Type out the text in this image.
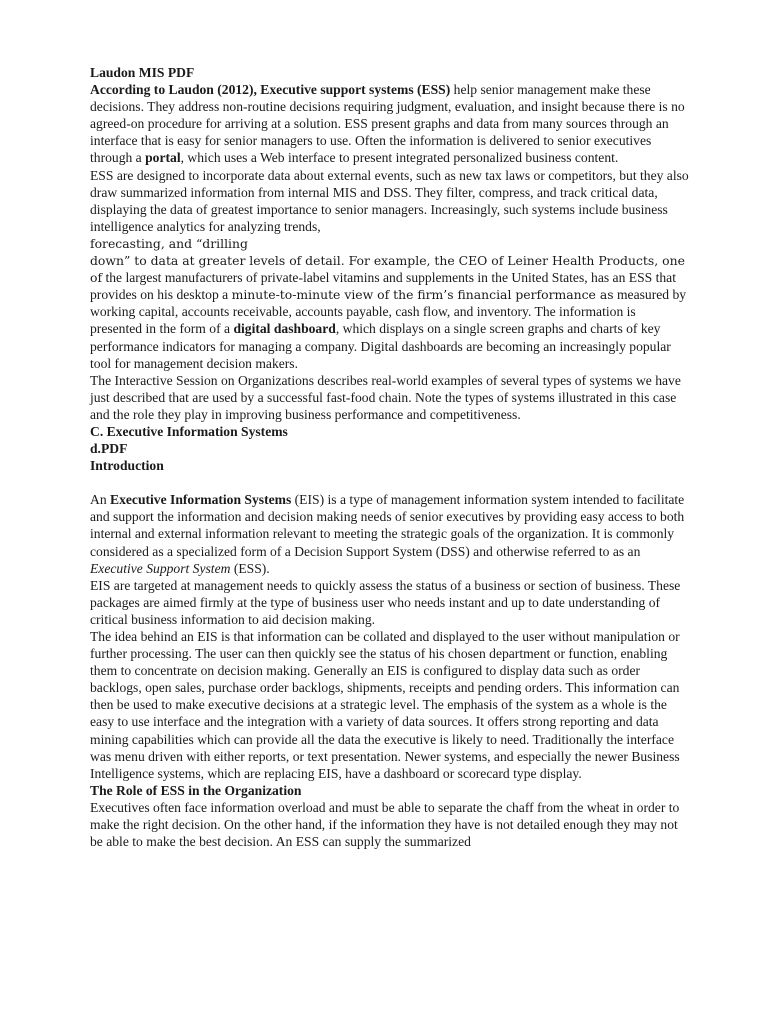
Laudon MIS PDF

According to Laudon (2012), Executive support systems (ESS) help senior management make these decisions. They address non-routine decisions requiring judgment, evaluation, and insight because there is no agreed-on procedure for arriving at a solution. ESS present graphs and data from many sources through an interface that is easy for senior managers to use. Often the information is delivered to senior executives through a portal, which uses a Web interface to present integrated personalized business content.

ESS are designed to incorporate data about external events, such as new tax laws or competitors, but they also draw summarized information from internal MIS and DSS. They filter, compress, and track critical data, displaying the data of greatest importance to senior managers. Increasingly, such systems include business intelligence analytics for analyzing trends,
forecasting, and “drilling
down” to data at greater levels of detail. For example, the CEO of Leiner Health Products, one of the largest manufacturers of private-label vitamins and supplements in the United States, has an ESS that provides on his desktop a minute-to-minute view of the firm’s financial performance as measured by working capital, accounts receivable, accounts payable, cash flow, and inventory. The information is presented in the form of a digital dashboard, which displays on a single screen graphs and charts of key performance indicators for managing a company. Digital dashboards are becoming an increasingly popular tool for management decision makers.

The Interactive Session on Organizations describes real-world examples of several types of systems we have just described that are used by a successful fast-food chain. Note the types of systems illustrated in this case and the role they play in improving business performance and competitiveness.

C. Executive Information Systems

d.PDF

Introduction

An Executive Information Systems (EIS) is a type of management information system intended to facilitate and support the information and decision making needs of senior executives by providing easy access to both internal and external information relevant to meeting the strategic goals of the organization. It is commonly considered as a specialized form of a Decision Support System (DSS) and otherwise referred to as an Executive Support System (ESS).

EIS are targeted at management needs to quickly assess the status of a business or section of business. These packages are aimed firmly at the type of business user who needs instant and up to date understanding of critical business information to aid decision making.

The idea behind an EIS is that information can be collated and displayed to the user without manipulation or further processing. The user can then quickly see the status of his chosen department or function, enabling them to concentrate on decision making. Generally an EIS is configured to display data such as order backlogs, open sales, purchase order backlogs, shipments, receipts and pending orders. This information can then be used to make executive decisions at a strategic level. The emphasis of the system as a whole is the easy to use interface and the integration with a variety of data sources. It offers strong reporting and data mining capabilities which can provide all the data the executive is likely to need. Traditionally the interface was menu driven with either reports, or text presentation. Newer systems, and especially the newer Business Intelligence systems, which are replacing EIS, have a dashboard or scorecard type display.

The Role of ESS in the Organization

Executives often face information overload and must be able to separate the chaff from the wheat in order to make the right decision. On the other hand, if the information they have is not detailed enough they may not be able to make the best decision. An ESS can supply the summarized
